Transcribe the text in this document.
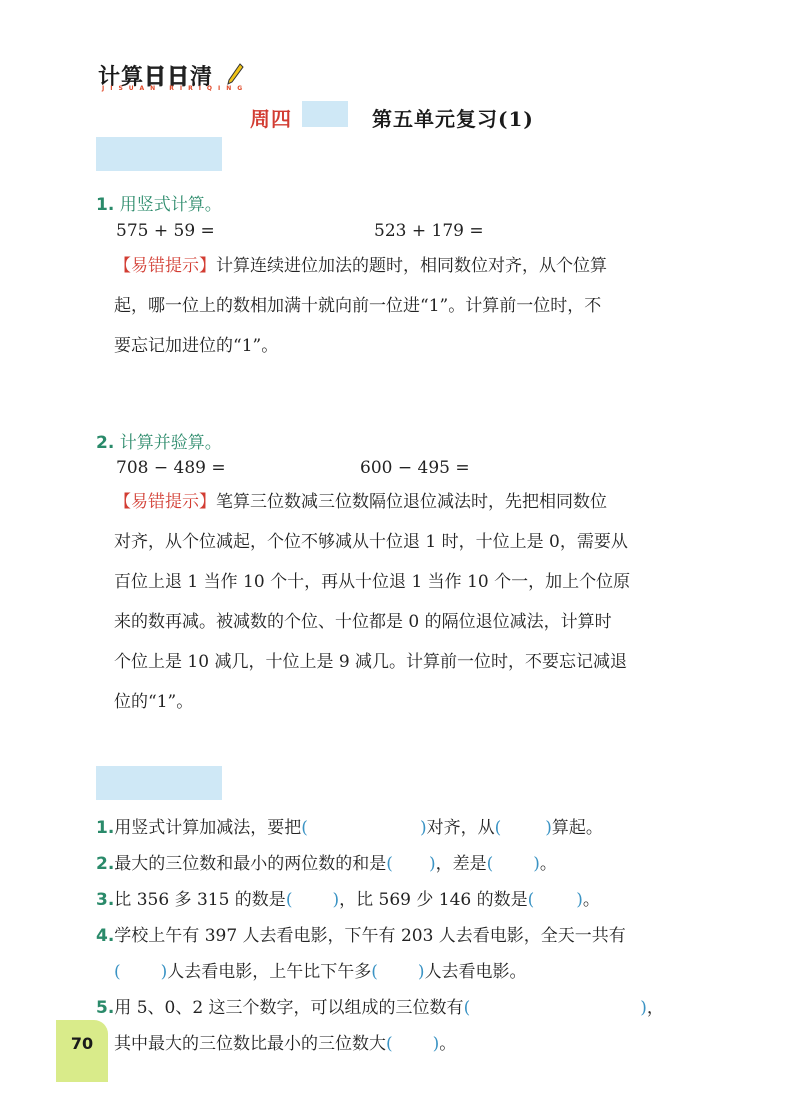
计算日日清
JISUAN RIRIQING
周四	第五单元复习(1)
1. 用竖式计算。
575 + 59 =	523 + 179 =
【易错提示】计算连续进位加法的题时，相同数位对齐，从个位算
起，哪一位上的数相加满十就向前一位进“1”。计算前一位时，不
要忘记加进位的“1”。
2. 计算并验算。
708 − 489 =	600 − 495 =
【易错提示】笔算三位数减三位数隔位退位减法时，先把相同数位
对齐，从个位减起，个位不够减从十位退 1 时，十位上是 0，需要从
百位上退 1 当作 10 个十，再从十位退 1 当作 10 个一，加上个位原
来的数再减。被减数的个位、十位都是 0 的隔位退位减法，计算时
个位上是 10 减几，十位上是 9 减几。计算前一位时，不要忘记减退
位的“1”。
1.用竖式计算加减法，要把(	)对齐，从(	)算起。
2.最大的三位数和最小的两位数的和是( )，差是( )。
3.比 356 多 315 的数是( )，比 569 少 146 的数是( )。
4.学校上午有 397 人去看电影，下午有 203 人去看电影，全天一共有
( )人去看电影，上午比下午多( )人去看电影。
5.用 5、0、2 这三个数字，可以组成的三位数有(	)，
其中最大的三位数比最小的三位数大( )。
70
